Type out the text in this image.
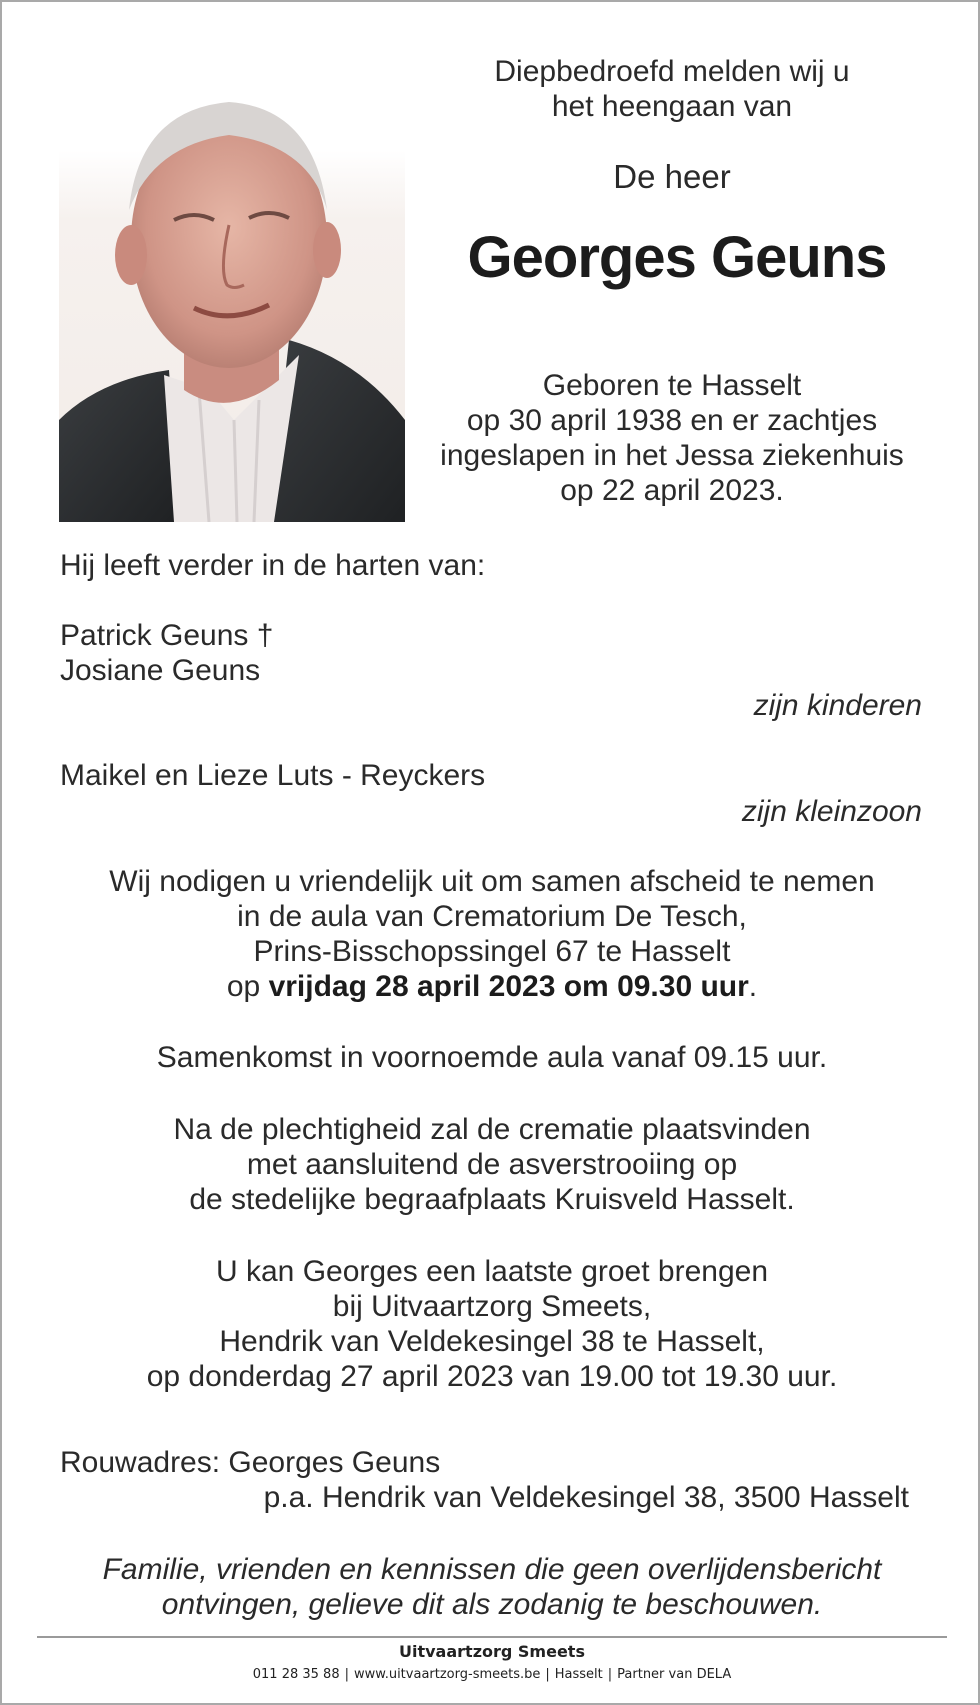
Diepbedroefd melden wij u
het heengaan van
De heer
Georges Geuns
Geboren te Hasselt
op 30 april 1938 en er zachtjes
ingeslapen in het Jessa ziekenhuis
op 22 april 2023.
Hij leeft verder in de harten van:
Patrick Geuns †
Josiane Geuns
zijn kinderen
Maikel en Lieze Luts - Reyckers
zijn kleinzoon
Wij nodigen u vriendelijk uit om samen afscheid te nemen
in de aula van Crematorium De Tesch,
Prins-Bisschopssingel 67 te Hasselt
op vrijdag 28 april 2023 om 09.30 uur.
Samenkomst in voornoemde aula vanaf 09.15 uur.
Na de plechtigheid zal de crematie plaatsvinden
met aansluitend de asverstrooiing op
de stedelijke begraafplaats Kruisveld Hasselt.
U kan Georges een laatste groet brengen
bij Uitvaartzorg Smeets,
Hendrik van Veldekesingel 38 te Hasselt,
op donderdag 27 april 2023 van 19.00 tot 19.30 uur.
Rouwadres: Georges Geuns
p.a. Hendrik van Veldekesingel 38, 3500 Hasselt
Familie, vrienden en kennissen die geen overlijdensbericht
ontvingen, gelieve dit als zodanig te beschouwen.
Uitvaartzorg Smeets
011 28 35 88 | www.uitvaartzorg-smeets.be | Hasselt | Partner van DELA
